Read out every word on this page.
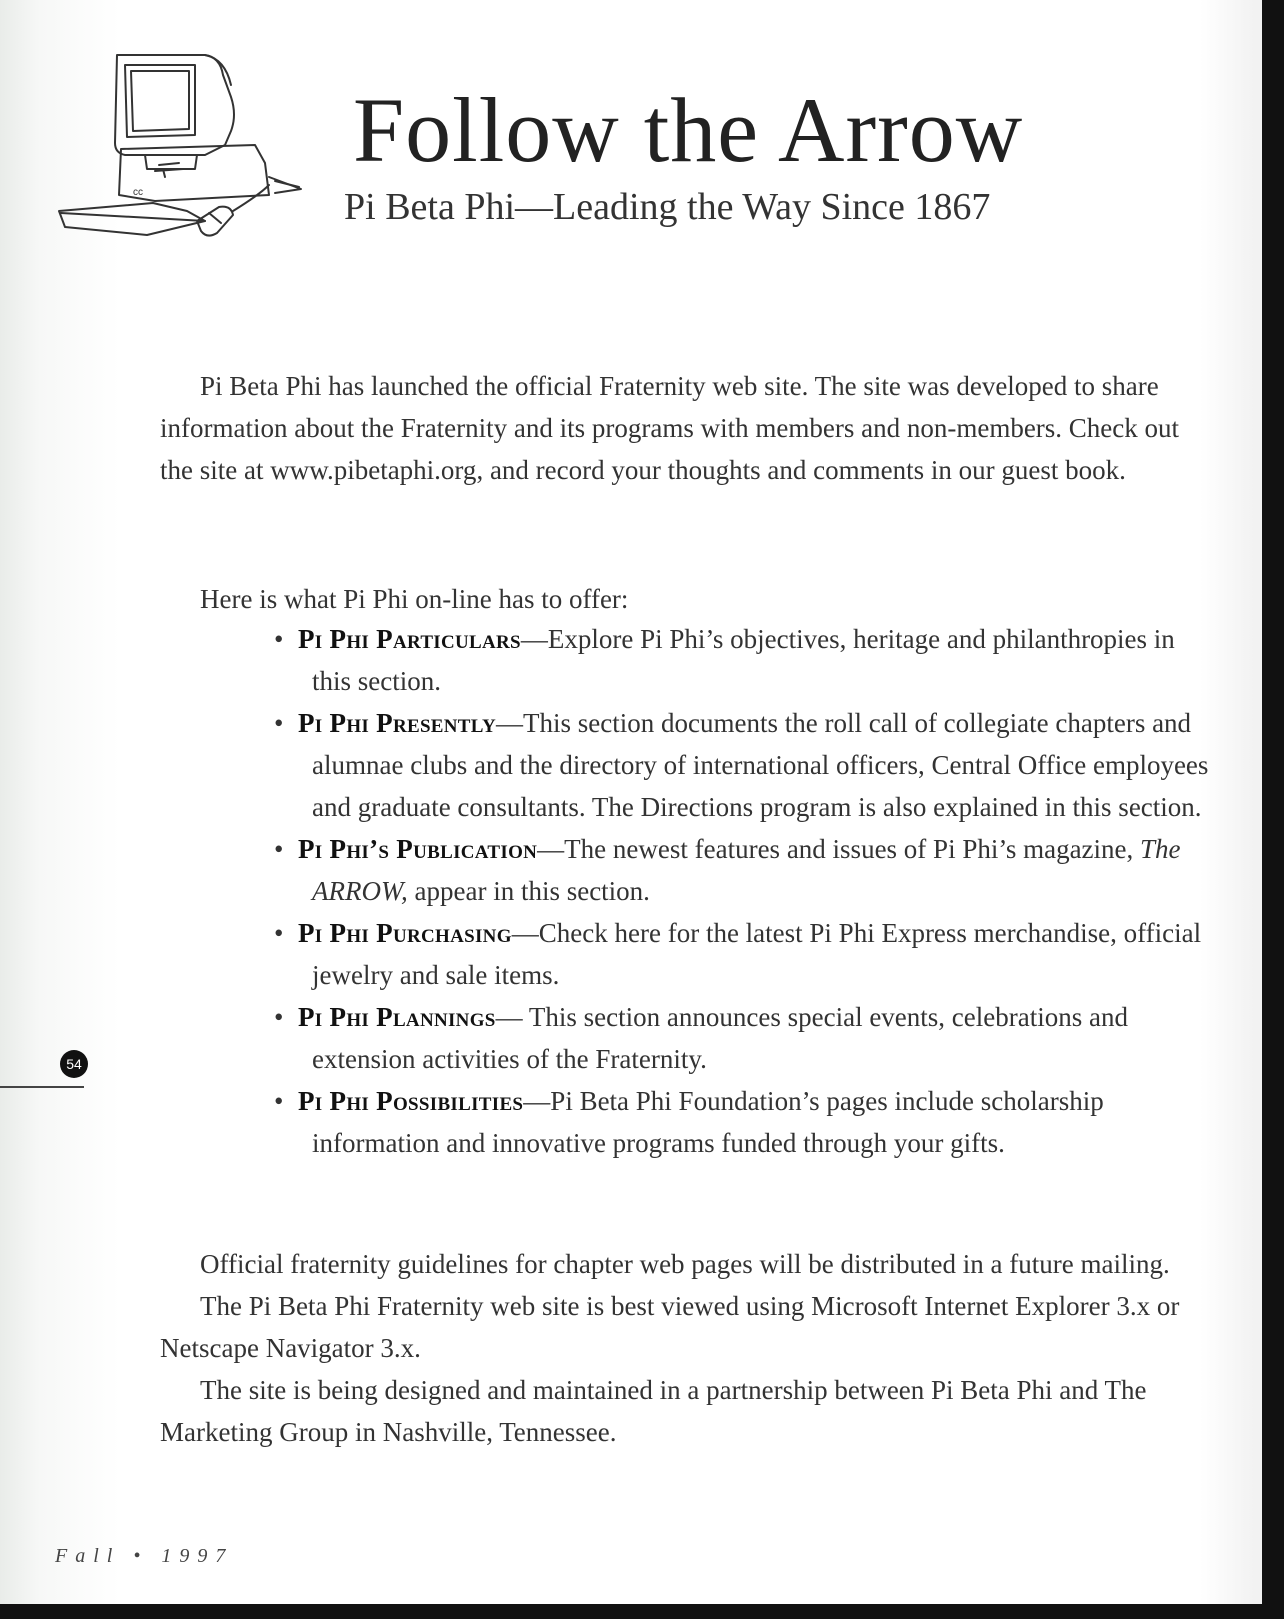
cc
Follow the Arrow
Pi Beta Phi—Leading the Way Since 1867
Pi Beta Phi has launched the official Fraternity web site. The site was developed to share information about the Fraternity and its programs with members and non-members. Check out the site at www.pibetaphi.org, and record your thoughts and comments in our guest book.
Here is what Pi Phi on-line has to offer:
• Pi Phi Particulars—Explore Pi Phi’s objectives, heritage and philanthropies in this section.
• Pi Phi Presently—This section documents the roll call of collegiate chapters and alumnae clubs and the directory of international officers, Central Office employees and graduate consultants. The Directions program is also explained in this section.
• Pi Phi’s Publication—The newest features and issues of Pi Phi’s magazine, The ARROW, appear in this section.
• Pi Phi Purchasing—Check here for the latest Pi Phi Express merchandise, official jewelry and sale items.
• Pi Phi Plannings— This section announces special events, celebrations and extension activities of the Fraternity.
• Pi Phi Possibilities—Pi Beta Phi Foundation’s pages include scholarship information and innovative programs funded through your gifts.

Official fraternity guidelines for chapter web pages will be distributed in a future mailing.

The Pi Beta Phi Fraternity web site is best viewed using Microsoft Internet Explorer 3.x or Netscape Navigator 3.x.

The site is being designed and maintained in a partnership between Pi Beta Phi and The Marketing Group in Nashville, Tennessee.

54
Fall • 1997
